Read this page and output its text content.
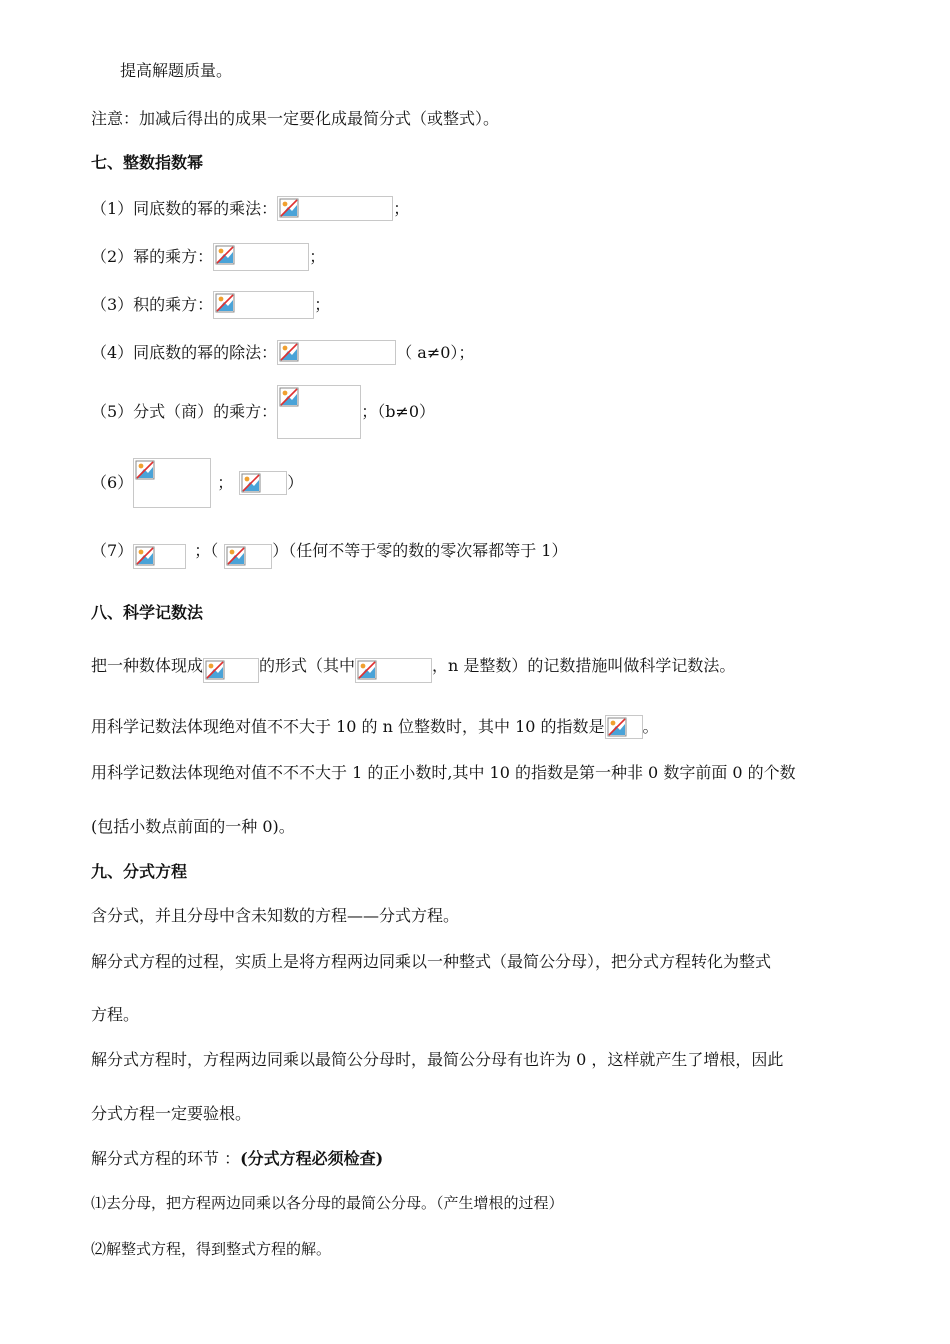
提高解题质量。
注意：加减后得出的成果一定要化成最简分式（或整式）。
七、整数指数幂
（1）同底数的幂的乘法：	；
（2）幂的乘方：	；
（3）积的乘方：	；
（4）同底数的幂的除法：	（ a≠0）；
（5）分式（商）的乘方：	；（b≠0）
（6）	；	）
（7）	；（	）（任何不等于零的数的零次幂都等于 1）
八、科学记数法
把一种数体现成	的形式（其中	，n 是整数）的记数措施叫做科学记数法。
用科学记数法体现绝对值不不大于 10 的 n 位整数时，其中 10 的指数是 。
用科学记数法体现绝对值不不不大于 1 的正小数时,其中 10 的指数是第一种非 0 数字前面 0 的个数
(包括小数点前面的一种 0)。
九、分式方程
含分式，并且分母中含未知数的方程——分式方程。
解分式方程的过程，实质上是将方程两边同乘以一种整式（最简公分母），把分式方程转化为整式
方程。
解分式方程时，方程两边同乘以最简公分母时，最简公分母有也许为 0 ，这样就产生了增根，因此
分式方程一定要验根。
解分式方程的环节 ：(分式方程必须检查)
⑴去分母，把方程两边同乘以各分母的最简公分母。（产生增根的过程）
⑵解整式方程，得到整式方程的解。
